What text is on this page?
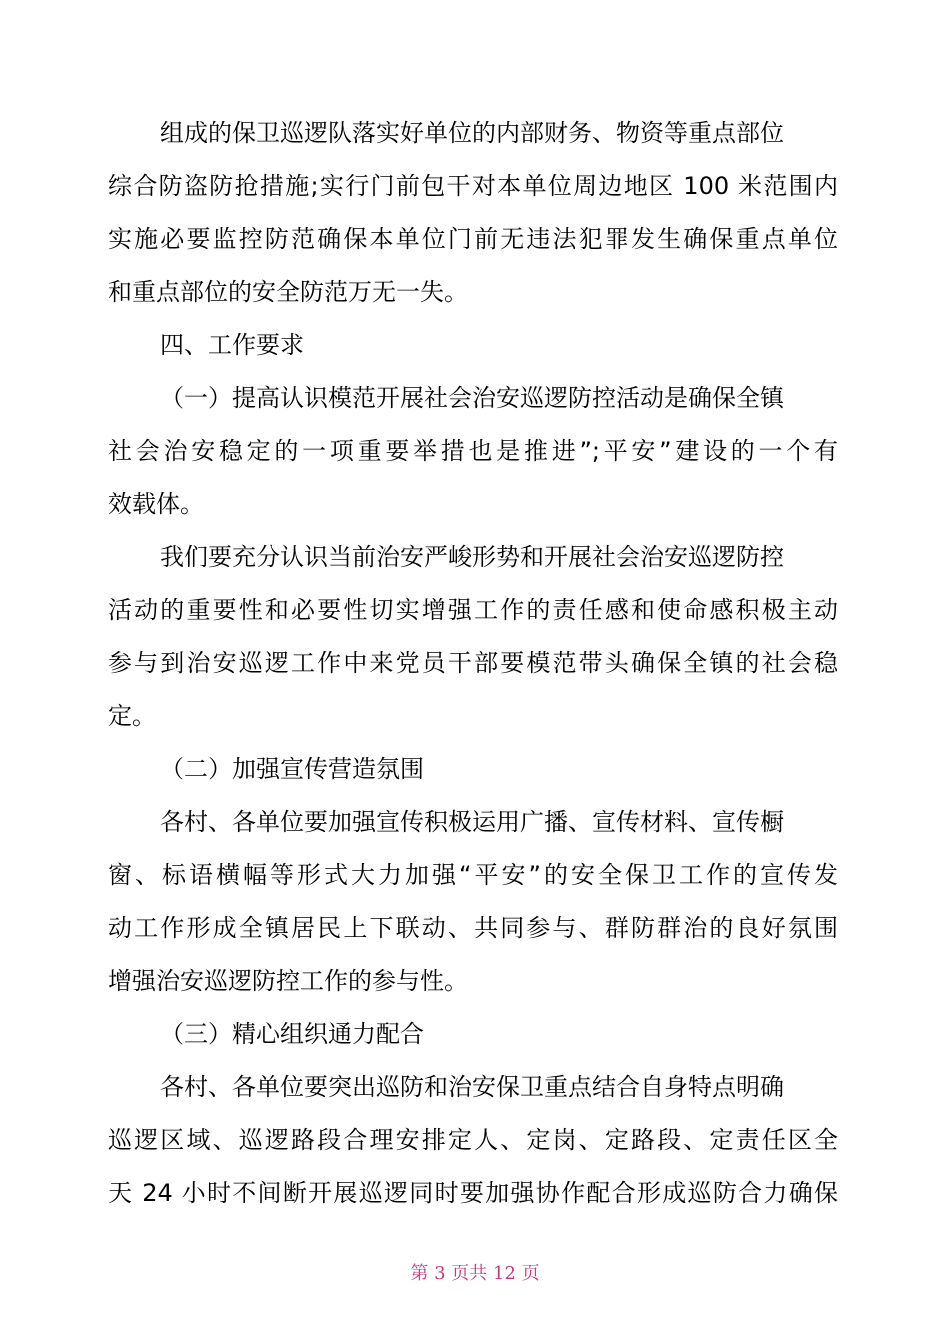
组成的保卫巡逻队落实好单位的内部财务、物资等重点部位
综合防盗防抢措施;实行门前包干对本单位周边地区 100 米范围内
实施必要监控防范确保本单位门前无违法犯罪发生确保重点单位
和重点部位的安全防范万无一失。
四、工作要求
（一）提高认识模范开展社会治安巡逻防控活动是确保全镇
社会治安稳定的一项重要举措也是推进”;平安”建设的一个有
效载体。
我们要充分认识当前治安严峻形势和开展社会治安巡逻防控
活动的重要性和必要性切实增强工作的责任感和使命感积极主动
参与到治安巡逻工作中来党员干部要模范带头确保全镇的社会稳
定。
（二）加强宣传营造氛围
各村、各单位要加强宣传积极运用广播、宣传材料、宣传橱
窗、标语横幅等形式大力加强“平安”的安全保卫工作的宣传发
动工作形成全镇居民上下联动、共同参与、群防群治的良好氛围
增强治安巡逻防控工作的参与性。
（三）精心组织通力配合
各村、各单位要突出巡防和治安保卫重点结合自身特点明确
巡逻区域、巡逻路段合理安排定人、定岗、定路段、定责任区全
天 24 小时不间断开展巡逻同时要加强协作配合形成巡防合力确保
第 3 页共 12 页
